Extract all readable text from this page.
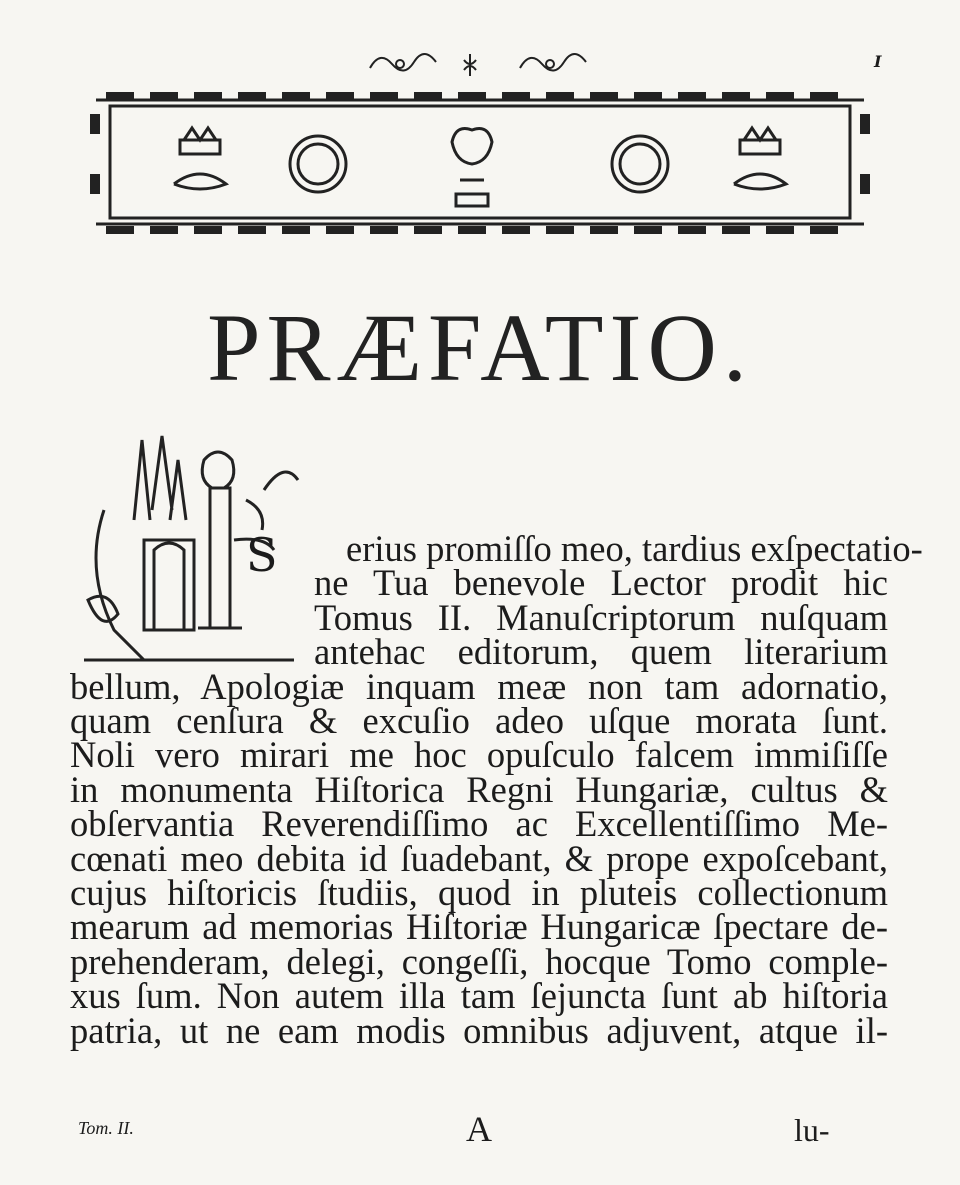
I
PRÆFATIO.
S	erius promiſſo meo, tardius exſpectatio-
ne Tua benevole Lector prodit hic
Tomus II. Manuſcriptorum nuſquam
antehac editorum, quem literarium
bellum, Apologiæ inquam meæ non tam adornatio,
quam cenſura & excuſio adeo uſque morata ſunt.
Noli vero mirari me hoc opuſculo falcem immiſiſſe
in monumenta Hiſtorica Regni Hungariæ, cultus &
obſervantia Reverendiſſimo ac Excellentiſſimo Me-
cœnati meo debita id ſuadebant, & prope expoſcebant,
cujus hiſtoricis ſtudiis, quod in pluteis collectionum
mearum ad memorias Hiſtoriæ Hungaricæ ſpectare de-
prehenderam, delegi, congeſſi, hocque Tomo comple-
xus ſum. Non autem illa tam ſejuncta ſunt ab hiſtoria
patria, ut ne eam modis omnibus adjuvent, atque il-
Tom. II.	A	lu-
